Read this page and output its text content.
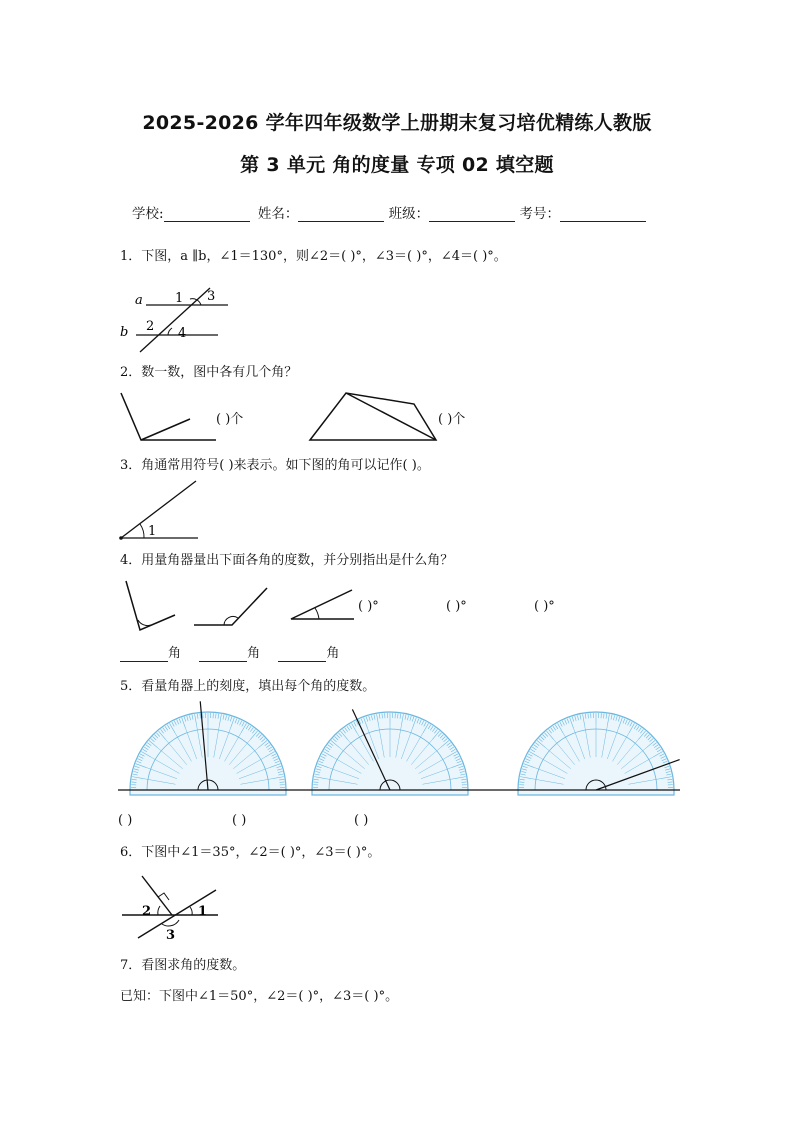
2025-2026 学年四年级数学上册期末复习培优精练人教版
第 3 单元 角的度量 专项 02 填空题
学校:	姓名：	班级：	考号：
1．下图，a ∥b，∠1＝130°，则∠2＝( )°，∠3＝( )°，∠4＝( )°。
a
b
1 3
2 4
2．数一数，图中各有几个角？
( )个	( )个
3．角通常用符号( )来表示。如下图的角可以记作( )。
1
4．用量角器量出下面各角的度数，并分别指出是什么角？
( )°	( )°	( )°
角	角	角
5．看量角器上的刻度，填出每个角的度数。
( )	( )	( )
6．下图中∠1＝35°，∠2＝( )°，∠3＝( )°。
2	1
3
7．看图求角的度数。
已知：下图中∠1＝50°，∠2＝( )°，∠3＝( )°。
